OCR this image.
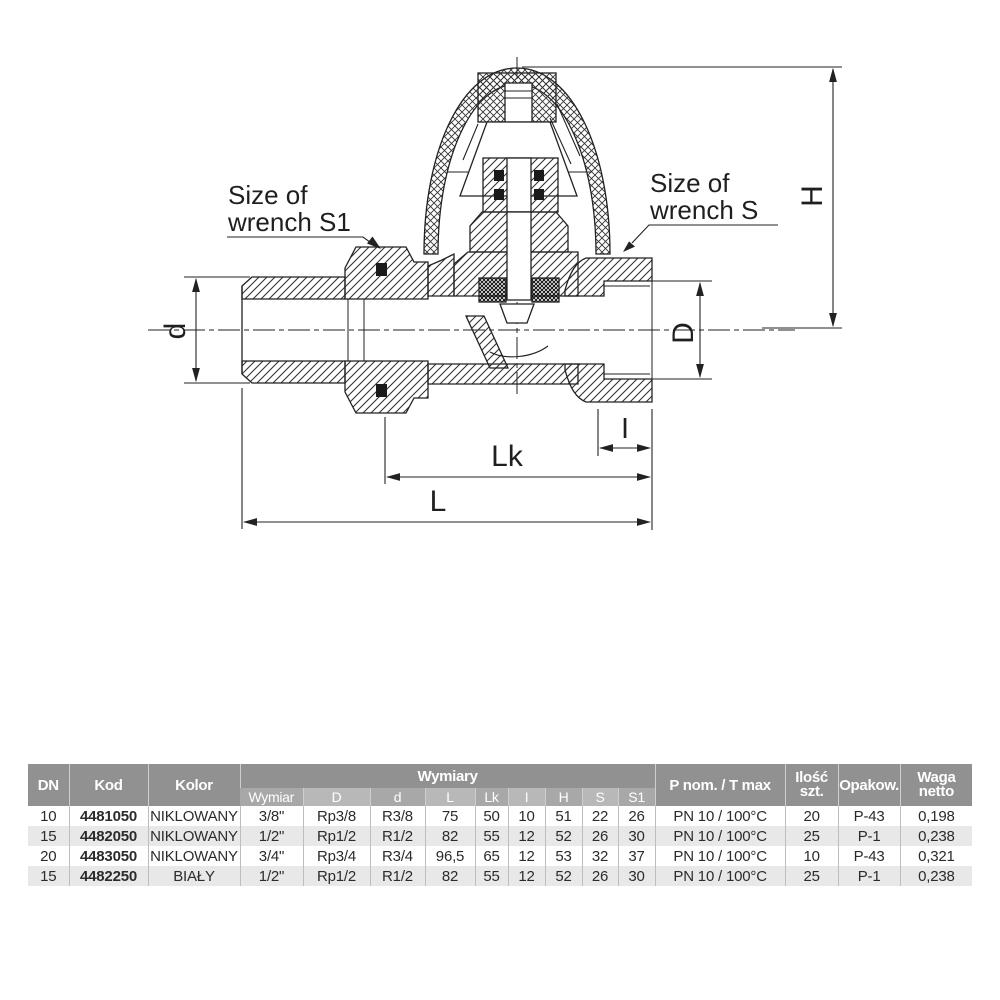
d	D
H
I
Lk
L
Size of
wrench S1
Size of
wrench S
DN	Kod	Kolor	Wymiary	P nom. / T max	Ilość
szt.	Opakow.	Waga
netto

			Wymiar	D	d	L	Lk	I	H	S	S1				
10	4481050	NIKLOWANY	3/8"	Rp3/8	R3/8	75	50	10	51	22	26	PN 10 / 100°C	20	P-43	0,198
15	4482050	NIKLOWANY	1/2"	Rp1/2	R1/2	82	55	12	52	26	30	PN 10 / 100°C	25	P-1	0,238
20	4483050	NIKLOWANY	3/4"	Rp3/4	R3/4	96,5	65	12	53	32	37	PN 10 / 100°C	10	P-43	0,321
15	4482250	BIAŁY	1/2"	Rp1/2	R1/2	82	55	12	52	26	30	PN 10 / 100°C	25	P-1	0,238
